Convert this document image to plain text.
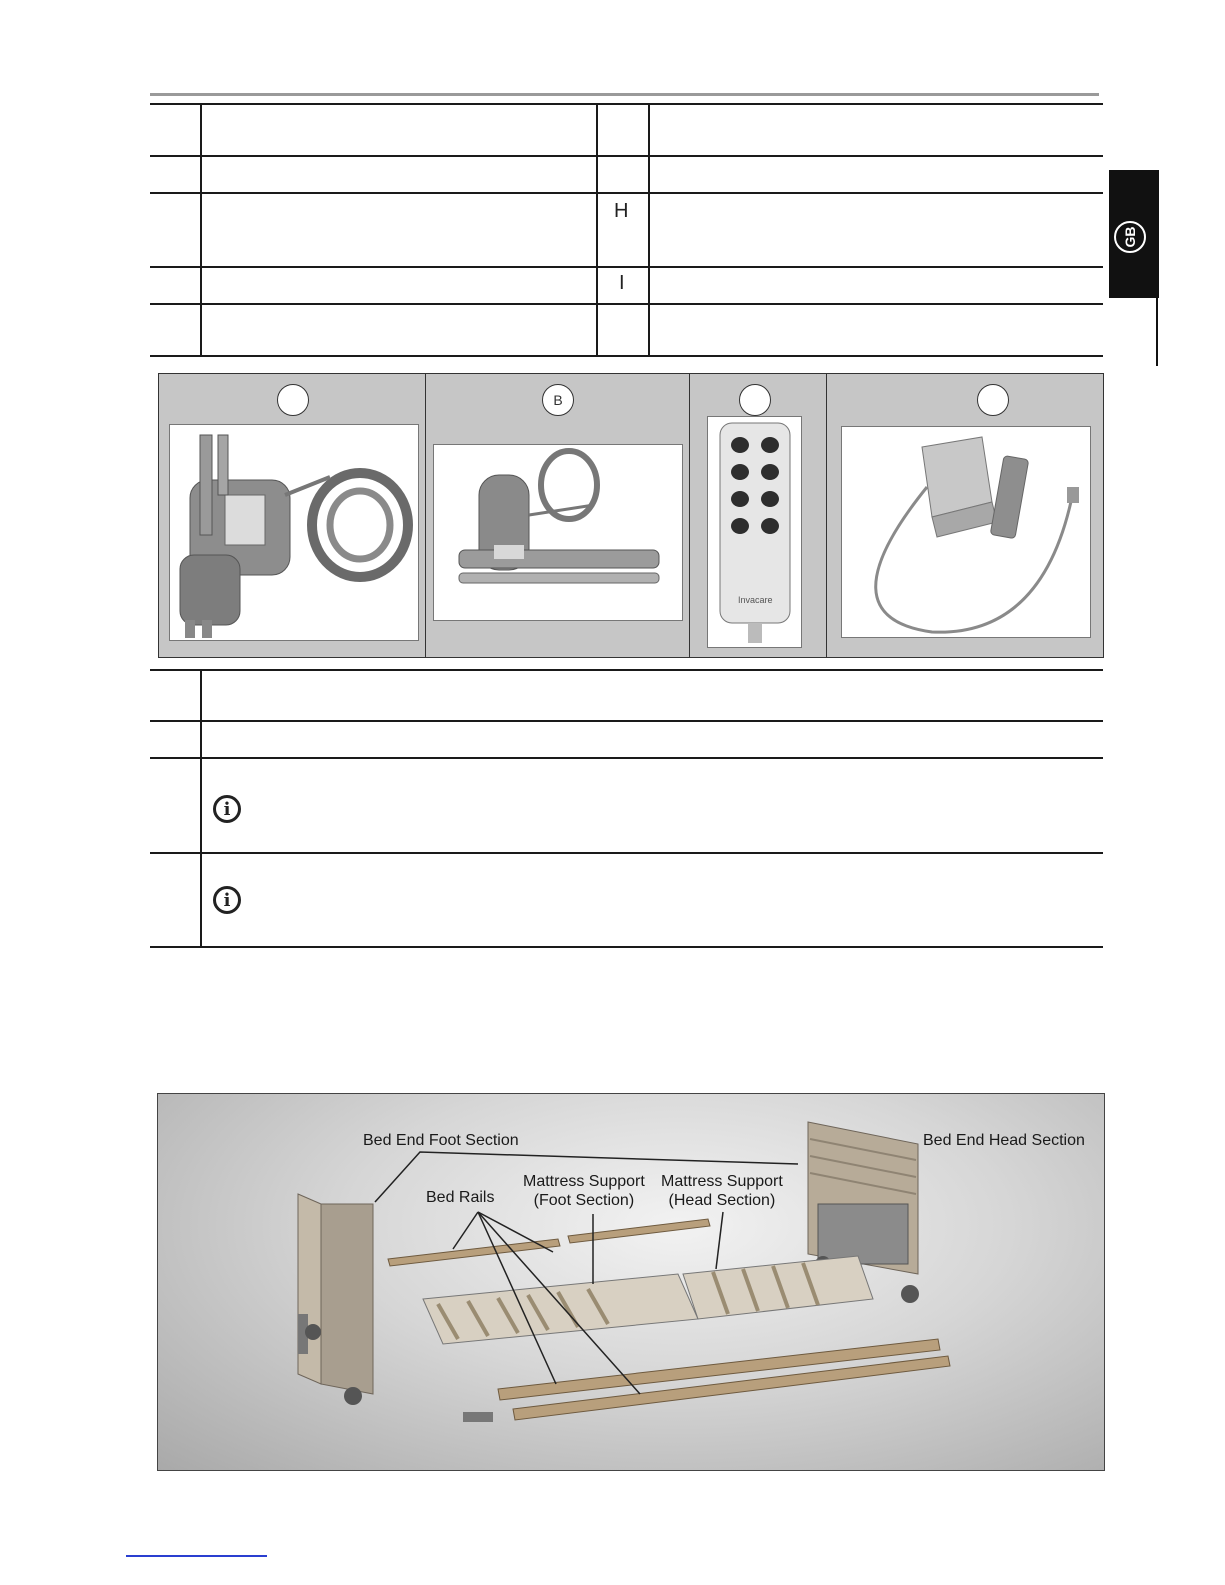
H
I
GB
B
Invacare
i
i
Bed End Foot Section	Bed End Head Section
Bed Rails
Mattress Support
(Foot Section)
Mattress Support
(Head Section)
